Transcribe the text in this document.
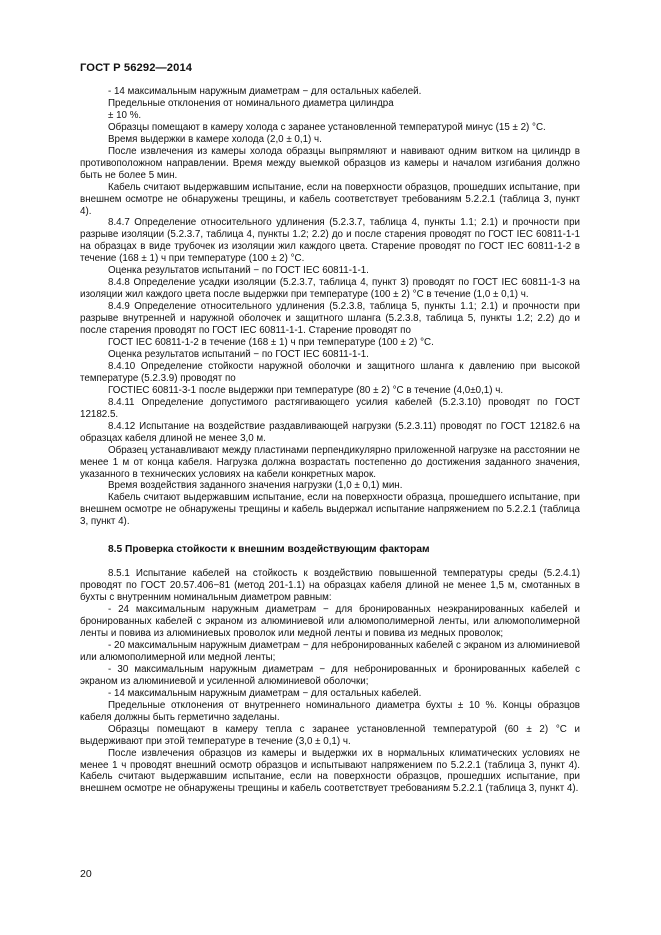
ГОСТ Р 56292—2014

- 14 максимальным наружным диаметрам − для остальных кабелей.

Предельные отклонения от номинального диаметра цилиндра

± 10 %.

Образцы помещают в камеру холода с заранее установленной температурой минус (15 ± 2) °С.

Время выдержки в камере холода (2,0 ± 0,1) ч.

После извлечения из камеры холода образцы выпрямляют и навивают одним витком на цилиндр в противоположном направлении. Время между выемкой образцов из камеры и началом изгибания должно быть не более 5 мин.

Кабель считают выдержавшим испытание, если на поверхности образцов, прошедших испытание, при внешнем осмотре не обнаружены трещины, и кабель соответствует требованиям 5.2.2.1 (таблица 3, пункт 4).

8.4.7 Определение относительного удлинения (5.2.3.7, таблица 4, пункты 1.1; 2.1) и прочности при разрыве изоляции (5.2.3.7, таблица 4, пункты 1.2; 2.2) до и после старения проводят по ГОСТ IEC 60811-1-1 на образцах в виде трубочек из изоляции жил каждого цвета. Старение проводят по ГОСТ IEC 60811-1-2 в течение (168 ± 1) ч при температуре (100 ± 2) °С.

Оценка результатов испытаний − по ГОСТ IEC 60811-1-1.

8.4.8 Определение усадки изоляции (5.2.3.7, таблица 4, пункт 3) проводят по ГОСТ IEC 60811-1-3 на изоляции жил каждого цвета после выдержки при температуре (100 ± 2) °С в течение (1,0 ± 0,1) ч.

8.4.9 Определение относительного удлинения (5.2.3.8, таблица 5, пункты 1.1; 2.1) и прочности при разрыве внутренней и наружной оболочек и защитного шланга (5.2.3.8, таблица 5, пункты 1.2; 2.2) до и после старения проводят по ГОСТ IEC 60811-1-1. Старение проводят по

ГОСТ IEC 60811-1-2 в течение (168 ± 1) ч при температуре (100 ± 2) °С.

Оценка результатов испытаний − по ГОСТ IEC 60811-1-1.

8.4.10 Определение стойкости наружной оболочки и защитного шланга к давлению при высокой температуре (5.2.3.9) проводят по

ГОСТIEC 60811-3-1 после выдержки при температуре (80 ± 2) °С в течение (4,0±0,1) ч.

8.4.11 Определение допустимого растягивающего усилия кабелей (5.2.3.10) проводят по ГОСТ 12182.5.

8.4.12 Испытание на воздействие раздавливающей нагрузки (5.2.3.11) проводят по ГОСТ 12182.6 на образцах кабеля длиной не менее 3,0 м.

Образец устанавливают между пластинами перпендикулярно приложенной нагрузке на расстоянии не менее 1 м от конца кабеля. Нагрузка должна возрастать постепенно до достижения заданного значения, указанного в технических условиях на кабели конкретных марок.

Время воздействия заданного значения нагрузки (1,0 ± 0,1) мин.

Кабель считают выдержавшим испытание, если на поверхности образца, прошедшего испытание, при внешнем осмотре не обнаружены трещины и кабель выдержал испытание напряжением по 5.2.2.1 (таблица 3, пункт 4).

8.5 Проверка стойкости к внешним воздействующим факторам

8.5.1 Испытание кабелей на стойкость к воздействию повышенной температуры среды (5.2.4.1) проводят по ГОСТ 20.57.406−81 (метод 201-1.1) на образцах кабеля длиной не менее 1,5 м, смотанных в бухты с внутренним номинальным диаметром равным:

- 24 максимальным наружным диаметрам − для бронированных неэкранированных кабелей и бронированных кабелей с экраном из алюминиевой или алюмополимерной ленты, или алюмополимерной ленты и повива из алюминиевых проволок или медной ленты и повива из медных проволок;

- 20 максимальным наружным диаметрам − для небронированных кабелей с экраном из алюминиевой или алюмополимерной или медной ленты;

- 30 максимальным наружным диаметрам − для небронированных и бронированных кабелей с экраном из алюминиевой и усиленной алюминиевой оболочки;

- 14 максимальным наружным диаметрам − для остальных кабелей.

Предельные отклонения от внутреннего номинального диаметра бухты ± 10 %. Концы образцов кабеля должны быть герметично заделаны.

Образцы помещают в камеру тепла с заранее установленной температурой (60 ± 2) °С и выдерживают при этой температуре в течение (3,0 ± 0,1) ч.

После извлечения образцов из камеры и выдержки их в нормальных климатических условиях не менее 1 ч проводят внешний осмотр образцов и испытывают напряжением по 5.2.2.1 (таблица 3, пункт 4). Кабель считают выдержавшим испытание, если на поверхности образцов, прошедших испытание, при внешнем осмотре не обнаружены трещины и кабель соответствует требованиям 5.2.2.1 (таблица 3, пункт 4).

20
